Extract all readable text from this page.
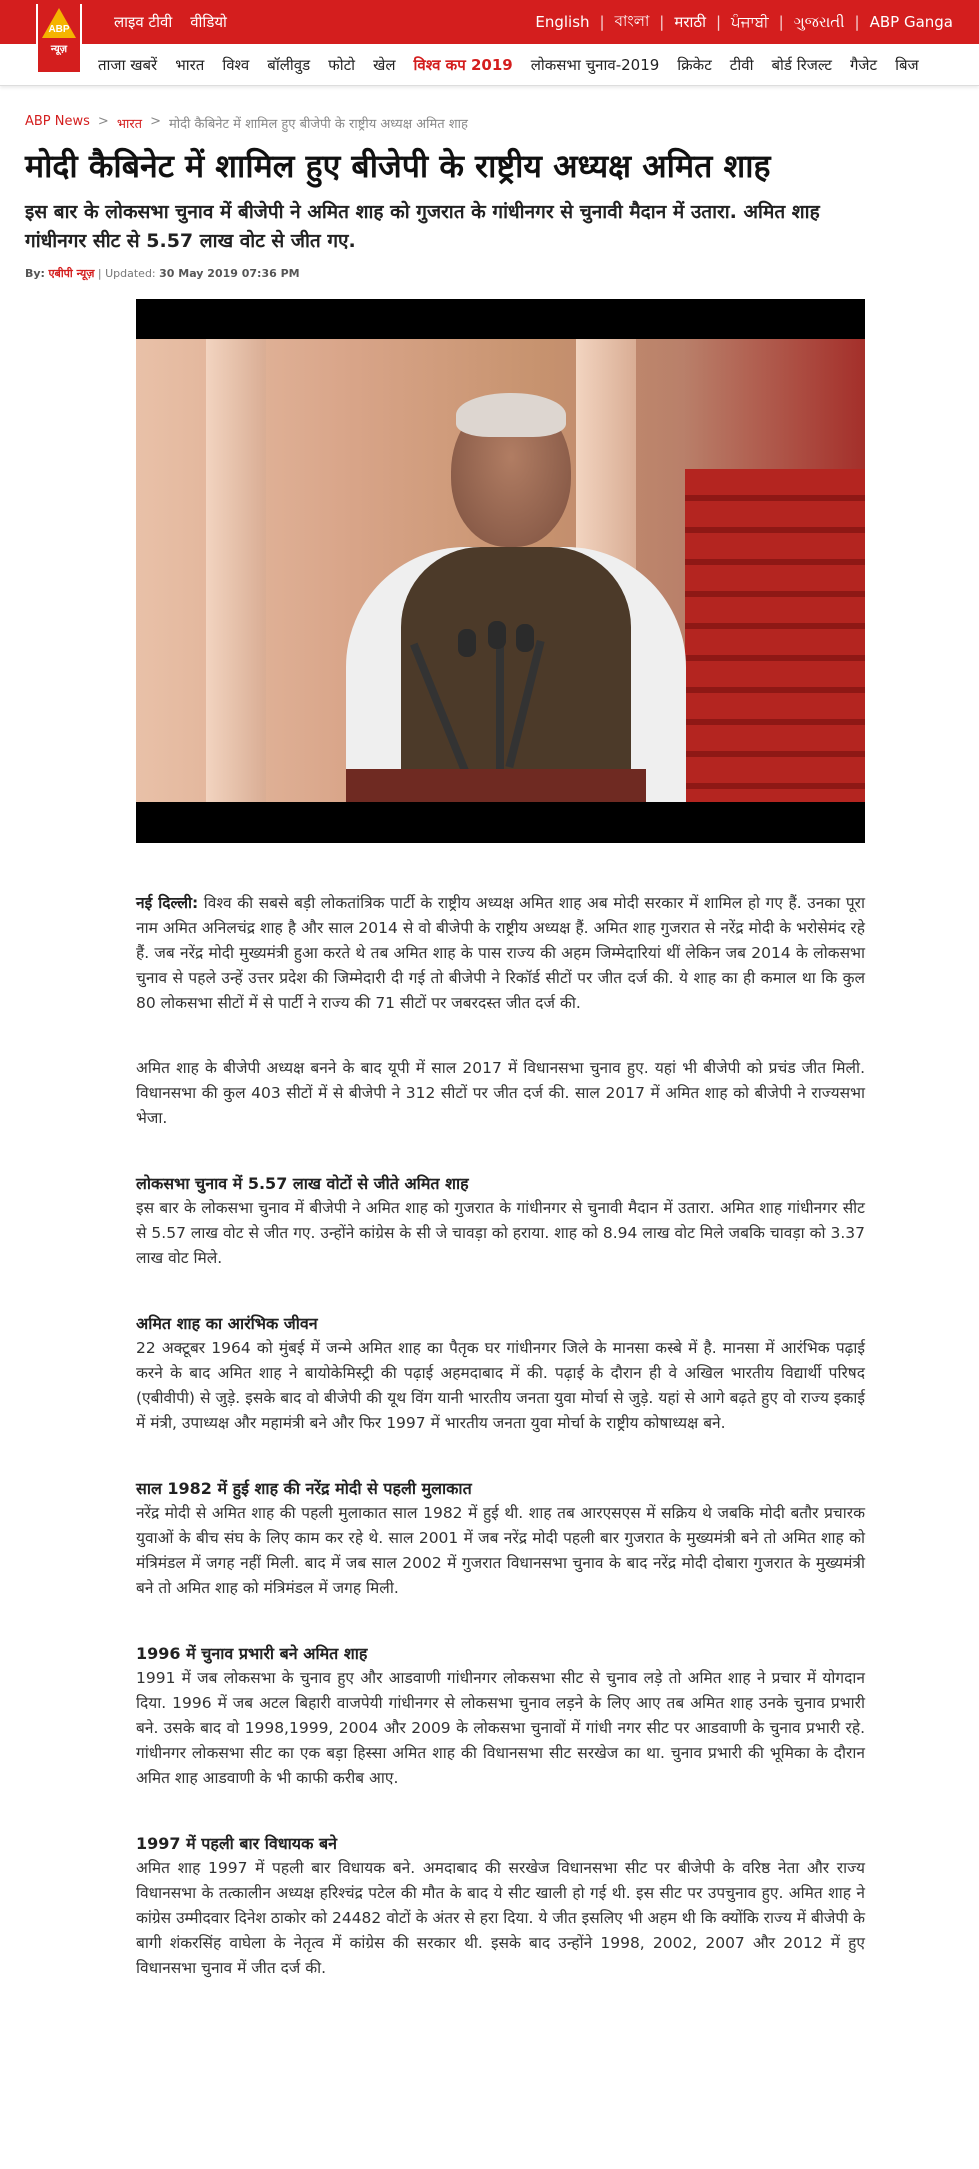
ABP
न्यूज़
लाइव टीवी वीडियो	English | বাংলা | मराठी | ਪੰਜਾਬੀ | ગુજરાતી | ABP Ganga
ताजा खबरें भारत विश्व बॉलीवुड फोटो खेल विश्व कप 2019 लोकसभा चुनाव-2019 क्रिकेट टीवी बोर्ड रिजल्ट गैजेट बिज
ABP News > भारत > मोदी कैबिनेट में शामिल हुए बीजेपी के राष्ट्रीय अध्यक्ष अमित शाह
मोदी कैबिनेट में शामिल हुए बीजेपी के राष्ट्रीय अध्यक्ष अमित शाह

इस बार के लोकसभा चुनाव में बीजेपी ने अमित शाह को गुजरात के गांधीनगर से चुनावी मैदान में उतारा. अमित शाह गांधीनगर सीट से 5.57 लाख वोट से जीत गए.

By: एबीपी न्यूज़ | Updated: 30 May 2019 07:36 PM

नई दिल्ली: विश्व की सबसे बड़ी लोकतांत्रिक पार्टी के राष्ट्रीय अध्यक्ष अमित शाह अब मोदी सरकार में शामिल हो गए हैं. उनका पूरा नाम अमित अनिलचंद्र शाह है और साल 2014 से वो बीजेपी के राष्ट्रीय अध्यक्ष हैं. अमित शाह गुजरात से नरेंद्र मोदी के भरोसेमंद रहे हैं. जब नरेंद्र मोदी मुख्यमंत्री हुआ करते थे तब अमित शाह के पास राज्य की अहम जिम्मेदारियां थीं लेकिन जब 2014 के लोकसभा चुनाव से पहले उन्हें उत्तर प्रदेश की जिम्मेदारी दी गई तो बीजेपी ने रिकॉर्ड सीटों पर जीत दर्ज की. ये शाह का ही कमाल था कि कुल 80 लोकसभा सीटों में से पार्टी ने राज्य की 71 सीटों पर जबरदस्त जीत दर्ज की.

अमित शाह के बीजेपी अध्यक्ष बनने के बाद यूपी में साल 2017 में विधानसभा चुनाव हुए. यहां भी बीजेपी को प्रचंड जीत मिली. विधानसभा की कुल 403 सीटों में से बीजेपी ने 312 सीटों पर जीत दर्ज की. साल 2017 में अमित शाह को बीजेपी ने राज्यसभा भेजा.

लोकसभा चुनाव में 5.57 लाख वोटों से जीते अमित शाह

इस बार के लोकसभा चुनाव में बीजेपी ने अमित शाह को गुजरात के गांधीनगर से चुनावी मैदान में उतारा. अमित शाह गांधीनगर सीट से 5.57 लाख वोट से जीत गए. उन्होंने कांग्रेस के सी जे चावड़ा को हराया. शाह को 8.94 लाख वोट मिले जबकि चावड़ा को 3.37 लाख वोट मिले.

अमित शाह का आरंभिक जीवन

22 अक्टूबर 1964 को मुंबई में जन्मे अमित शाह का पैतृक घर गांधीनगर जिले के मानसा कस्बे में है. मानसा में आरंभिक पढ़ाई करने के बाद अमित शाह ने बायोकेमिस्ट्री की पढ़ाई अहमदाबाद में की. पढ़ाई के दौरान ही वे अखिल भारतीय विद्यार्थी परिषद (एबीवीपी) से जुड़े. इसके बाद वो बीजेपी की यूथ विंग यानी भारतीय जनता युवा मोर्चा से जुड़े. यहां से आगे बढ़ते हुए वो राज्य इकाई में मंत्री, उपाध्यक्ष और महामंत्री बने और फिर 1997 में भारतीय जनता युवा मोर्चा के राष्ट्रीय कोषाध्यक्ष बने.

साल 1982 में हुई शाह की नरेंद्र मोदी से पहली मुलाकात

नरेंद्र मोदी से अमित शाह की पहली मुलाकात साल 1982 में हुई थी. शाह तब आरएसएस में सक्रिय थे जबकि मोदी बतौर प्रचारक युवाओं के बीच संघ के लिए काम कर रहे थे. साल 2001 में जब नरेंद्र मोदी पहली बार गुजरात के मुख्यमंत्री बने तो अमित शाह को मंत्रिमंडल में जगह नहीं मिली. बाद में जब साल 2002 में गुजरात विधानसभा चुनाव के बाद नरेंद्र मोदी दोबारा गुजरात के मुख्यमंत्री बने तो अमित शाह को मंत्रिमंडल में जगह मिली.

1996 में चुनाव प्रभारी बने अमित शाह

1991 में जब लोकसभा के चुनाव हुए और आडवाणी गांधीनगर लोकसभा सीट से चुनाव लड़े तो अमित शाह ने प्रचार में योगदान दिया. 1996 में जब अटल बिहारी वाजपेयी गांधीनगर से लोकसभा चुनाव लड़ने के लिए आए तब अमित शाह उनके चुनाव प्रभारी बने. उसके बाद वो 1998,1999, 2004 और 2009 के लोकसभा चुनावों में गांधी नगर सीट पर आडवाणी के चुनाव प्रभारी रहे. गांधीनगर लोकसभा सीट का एक बड़ा हिस्सा अमित शाह की विधानसभा सीट सरखेज का था. चुनाव प्रभारी की भूमिका के दौरान अमित शाह आडवाणी के भी काफी करीब आए.

1997 में पहली बार विधायक बने

अमित शाह 1997 में पहली बार विधायक बने. अमदाबाद की सरखेज विधानसभा सीट पर बीजेपी के वरिष्ठ नेता और राज्य विधानसभा के तत्कालीन अध्यक्ष हरिश्चंद्र पटेल की मौत के बाद ये सीट खाली हो गई थी. इस सीट पर उपचुनाव हुए. अमित शाह ने कांग्रेस उम्मीदवार दिनेश ठाकोर को 24482 वोटों के अंतर से हरा दिया. ये जीत इसलिए भी अहम थी कि क्योंकि राज्य में बीजेपी के बागी शंकरसिंह वाघेला के नेतृत्व में कांग्रेस की सरकार थी. इसके बाद उन्होंने 1998, 2002, 2007 और 2012 में हुए विधानसभा चुनाव में जीत दर्ज की.
